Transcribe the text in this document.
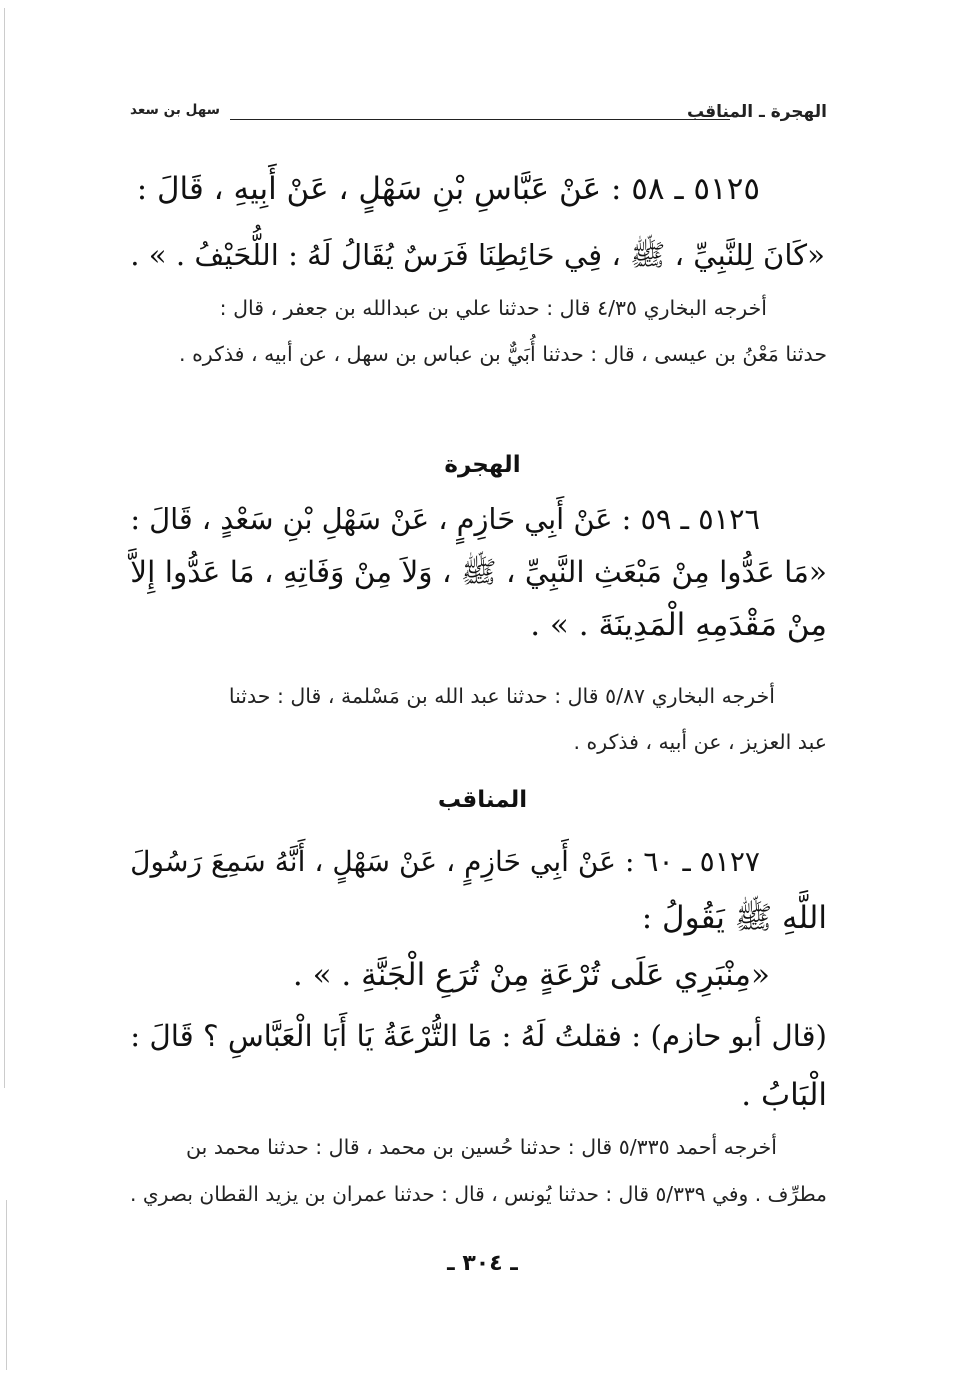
الهجرة ـ المناقب
سهل بن سعد
٥١٢٥ ـ ٥٨ : عَنْ عَبَّاسِ بْنِ سَهْلٍ ، عَنْ أَبِيهِ ، قَالَ :
«كَانَ لِلنَّبِيِّ ، ﷺ ، فِي حَائِطِنَا فَرَسٌ يُقَالُ لَهُ : اللُّحَيْفُ . » .
أخرجه البخاري ٤/٣٥ قال : حدثنا علي بن عبدالله بن جعفر ، قال :
حدثنا مَعْنُ بن عيسى ، قال : حدثنا أُبَيٌّ بن عباس بن سهل ، عن أبيه ، فذكره .
الهجرة
٥١٢٦ ـ ٥٩ : عَنْ أَبِي حَازِمٍ ، عَنْ سَهْلِ بْنِ سَعْدٍ ، قَالَ :
«مَا عَدُّوا مِنْ مَبْعَثِ النَّبِيِّ ، ﷺ ، وَلاَ مِنْ وَفَاتِهِ ، مَا عَدُّوا إِلاَّ
مِنْ مَقْدَمِهِ الْمَدِينَةَ . » .
أخرجه البخاري ٥/٨٧ قال : حدثنا عبد الله بن مَسْلمة ، قال : حدثنا
عبد العزيز ، عن أبيه ، فذكره .
المناقب
٥١٢٧ ـ ٦٠ : عَنْ أَبِي حَازِمٍ ، عَنْ سَهْلٍ ، أَنَّهُ سَمِعَ رَسُولَ
اللَّهِ ﷺ يَقُولُ :
«مِنْبَرِي عَلَى تُرْعَةٍ مِنْ تُرَعِ الْجَنَّةِ . » .
(قال أبو حازم) : فقلتُ لَهُ : مَا التُّرْعَةُ يَا أَبَا الْعَبَّاسِ ؟ قَالَ :
الْبَابُ .
أخرجه أحمد ٥/٣٣٥ قال : حدثنا حُسين بن محمد ، قال : حدثنا محمد بن
مطرِّف . وفي ٥/٣٣٩ قال : حدثنا يُونس ، قال : حدثنا عمران بن يزيد القطان بصري .
ـ ٣٠٤ ـ
